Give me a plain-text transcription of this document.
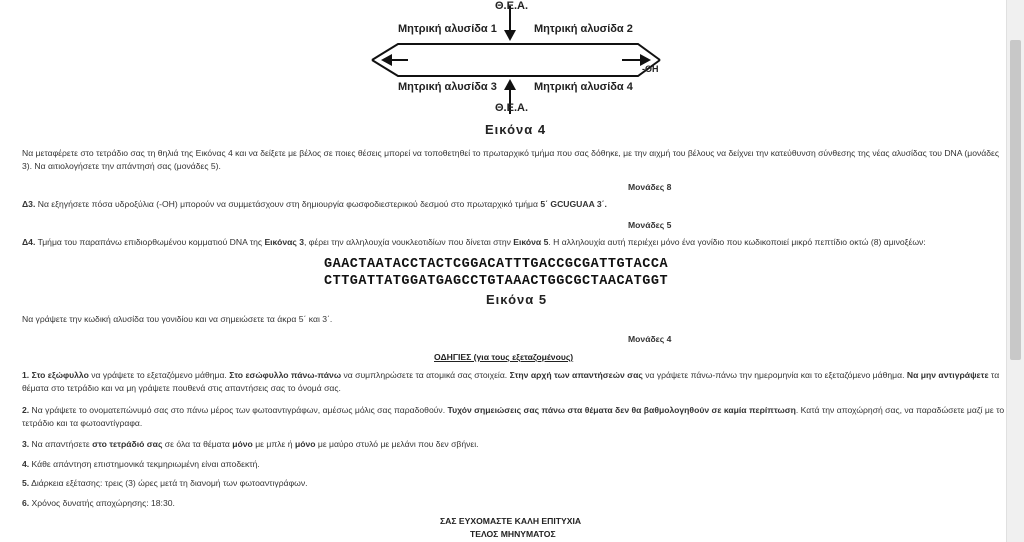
Θ.Ε.Α.
Μητρική αλυσίδα 1	Μητρική αλυσίδα 2
Μητρική αλυσίδα 3	Μητρική αλυσίδα 4
-OH
Θ.Ε.Α.
Εικόνα 4
Να μεταφέρετε στο τετράδιο σας τη θηλιά της Εικόνας 4 και να δείξετε με βέλος σε ποιες θέσεις μπορεί να τοποθετηθεί το πρωταρχικό τμήμα που σας δόθηκε, με την αιχμή του βέλους να δείχνει την κατεύθυνση σύνθεσης της νέας αλυσίδας του DNA (μονάδες 3). Να αιτιολογήσετε την απάντησή σας (μονάδες 5).
Μονάδες 8
Δ3. Να εξηγήσετε πόσα υδροξύλια (-ΟΗ) μπορούν να συμμετάσχουν στη δημιουργία φωσφοδιεστερικού δεσμού στο πρωταρχικό τμήμα 5΄ GCUGUAA 3΄.
Μονάδες 5
Δ4. Τμήμα του παραπάνω επιδιορθωμένου κομματιού DNA της Εικόνας 3, φέρει την αλληλουχία νουκλεοτιδίων που δίνεται στην Εικόνα 5. Η αλληλουχία αυτή περιέχει μόνο ένα γονίδιο που κωδικοποιεί μικρό πεπτίδιο οκτώ (8) αμινοξέων:
GAACTAATACCTACTCGGACATTTGACCGCGATTGTACCA
CTTGATTATGGATGAGCCTGTAAACTGGCGCTAACATGGT
Εικόνα 5
Να γράψετε την κωδική αλυσίδα του γονιδίου και να σημειώσετε τα άκρα 5΄ και 3΄.
Μονάδες 4
ΟΔΗΓΙΕΣ (για τους εξεταζομένους)
1. Στο εξώφυλλο να γράψετε το εξεταζόμενο μάθημα. Στο εσώφυλλο πάνω-πάνω να συμπληρώσετε τα ατομικά σας στοιχεία. Στην αρχή των απαντήσεών σας να γράψετε πάνω-πάνω την ημερομηνία και το εξεταζόμενο μάθημα. Να μην αντιγράψετε τα θέματα στο τετράδιο και να μη γράψετε πουθενά στις απαντήσεις σας το όνομά σας.
2. Να γράψετε το ονοματεπώνυμό σας στο πάνω μέρος των φωτοαντιγράφων, αμέσως μόλις σας παραδοθούν. Τυχόν σημειώσεις σας πάνω στα θέματα δεν θα βαθμολογηθούν σε καμία περίπτωση. Κατά την αποχώρησή σας, να παραδώσετε μαζί με το τετράδιο και τα φωτοαντίγραφα.
3. Να απαντήσετε στο τετράδιό σας σε όλα τα θέματα μόνο με μπλε ή μόνο με μαύρο στυλό με μελάνι που δεν σβήνει.
4. Κάθε απάντηση επιστημονικά τεκμηριωμένη είναι αποδεκτή.
5. Διάρκεια εξέτασης: τρεις (3) ώρες μετά τη διανομή των φωτοαντιγράφων.
6. Χρόνος δυνατής αποχώρησης: 18:30.
ΣΑΣ ΕΥΧΟΜΑΣΤΕ ΚΑΛΗ ΕΠΙΤΥΧΙΑ
ΤΕΛΟΣ ΜΗΝΥΜΑΤΟΣ
